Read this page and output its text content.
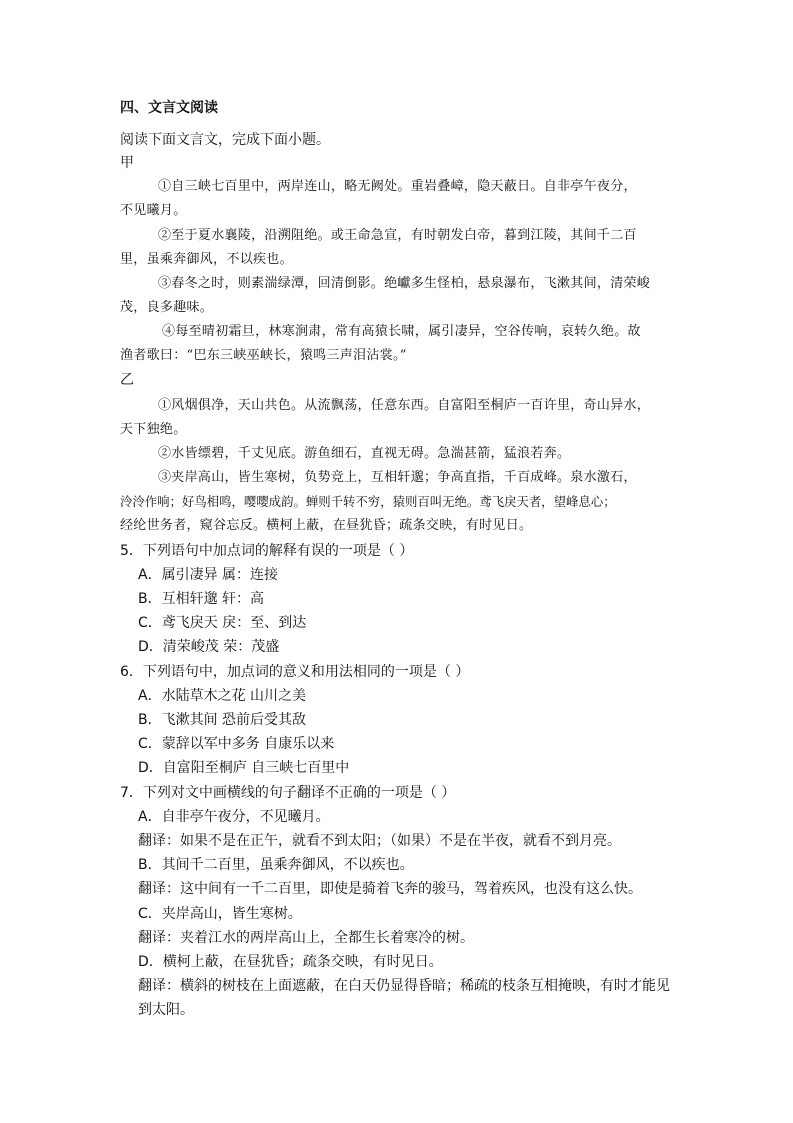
四、文言文阅读
阅读下面文言文，完成下面小题。
甲
①自三峡七百里中，两岸连山，略无阙处。重岩叠嶂，隐天蔽日。自非亭午夜分，
不见曦月。
②至于夏水襄陵，沿溯阻绝。或王命急宣，有时朝发白帝，暮到江陵，其间千二百
里，虽乘奔御风，不以疾也。
③春冬之时，则素湍绿潭，回清倒影。绝巘多生怪柏，悬泉瀑布，飞漱其间，清荣峻
茂，良多趣味。
④每至晴初霜旦，林寒涧肃，常有高猿长啸，属引凄异，空谷传响，哀转久绝。故
渔者歌曰：“巴东三峡巫峡长，猿鸣三声泪沾裳。”
乙
①风烟俱净，天山共色。从流飘荡，任意东西。自富阳至桐庐一百许里，奇山异水，
天下独绝。
②水皆缥碧，千丈见底。游鱼细石，直视无碍。急湍甚箭，猛浪若奔。
③夹岸高山，皆生寒树，负势竞上，互相轩邈；争高直指，千百成峰。泉水激石，
泠泠作响；好鸟相鸣，嘤嘤成韵。蝉则千转不穷，猿则百叫无绝。鸢飞戾天者，望峰息心；
经纶世务者，窥谷忘反。横柯上蔽，在昼犹昏；疏条交映，有时见日。
5．下列语句中加点词的解释有误的一项是（ ）
A．属引凄异 属：连接
B．互相轩邈 轩：高
C．鸢飞戾天 戾：至、到达
D．清荣峻茂 荣：茂盛
6．下列语句中，加点词的意义和用法相同的一项是（ ）
A．水陆草木之花 山川之美
B．飞漱其间 恐前后受其敌
C．蒙辞以军中多务 自康乐以来
D．自富阳至桐庐 自三峡七百里中
7．下列对文中画横线的句子翻译不正确的一项是（ ）
A．自非亭午夜分，不见曦月。
翻译：如果不是在正午，就看不到太阳；（如果）不是在半夜，就看不到月亮。
B．其间千二百里，虽乘奔御风，不以疾也。
翻译：这中间有一千二百里，即使是骑着飞奔的骏马，驾着疾风，也没有这么快。
C．夹岸高山，皆生寒树。
翻译：夹着江水的两岸高山上，全都生长着寒冷的树。
D．横柯上蔽，在昼犹昏；疏条交映，有时见日。
翻译：横斜的树枝在上面遮蔽，在白天仍显得昏暗；稀疏的枝条互相掩映，有时才能见
到太阳。
